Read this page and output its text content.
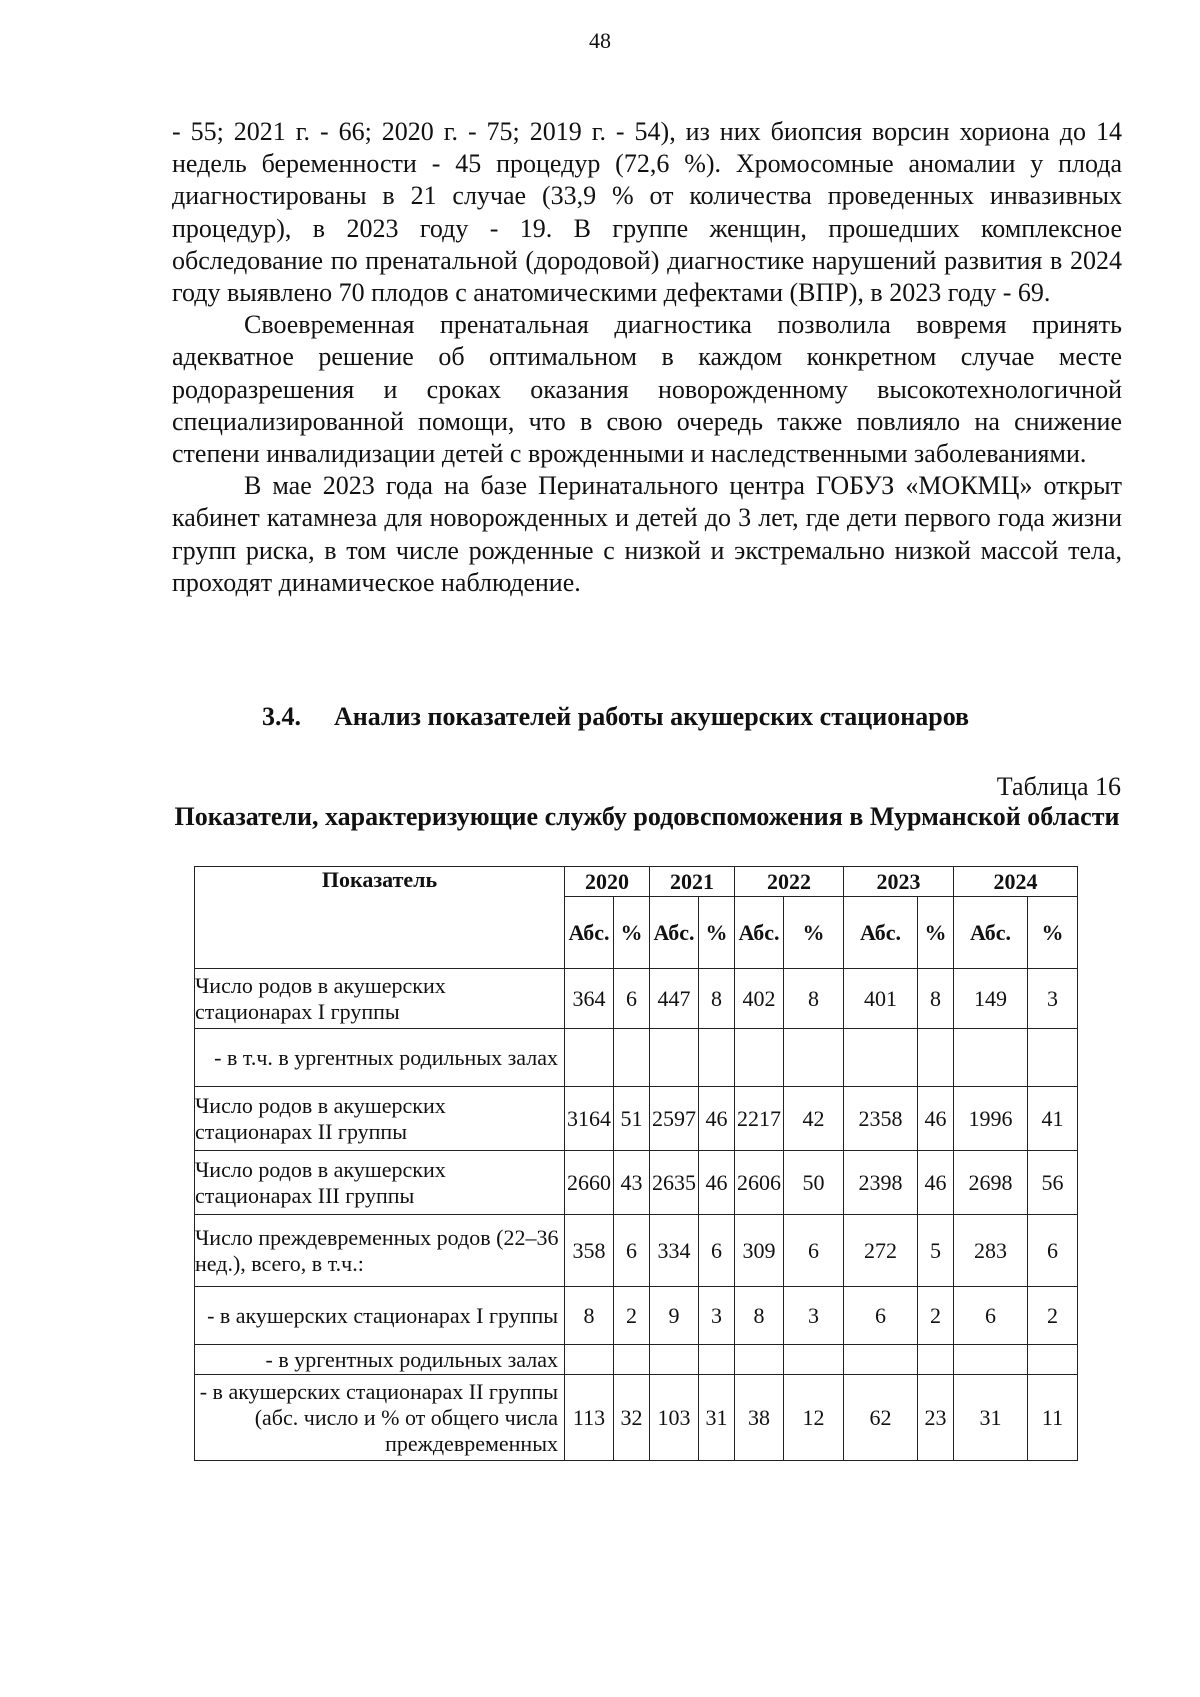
48

- 55; 2021 г. - 66; 2020 г. - 75; 2019 г. - 54), из них биопсия ворсин хориона до 14 недель беременности - 45 процедур (72,6 %). Хромосомные аномалии у плода диагностированы в 21 случае (33,9 % от количества проведенных инвазивных процедур), в 2023 году - 19. В группе женщин, прошедших комплексное обследование по пренатальной (дородовой) диагностике нарушений развития в 2024 году выявлено 70 плодов с анатомическими дефектами (ВПР), в 2023 году - 69.

Своевременная пренатальная диагностика позволила вовремя принять адекватное решение об оптимальном в каждом конкретном случае месте родоразрешения и сроках оказания новорожденному высокотехнологичной специализированной помощи, что в свою очередь также повлияло на снижение степени инвалидизации детей с врожденными и наследственными заболеваниями.

В мае 2023 года на базе Перинатального центра ГОБУЗ «МОКМЦ» открыт кабинет катамнеза для новорожденных и детей до 3 лет, где дети первого года жизни групп риска, в том числе рожденные с низкой и экстремально низкой массой тела, проходят динамическое наблюдение.

3.4. Анализ показателей работы акушерских стационаров
Таблица 16
Показатели, характеризующие службу родовспоможения в Мурманской области
Показатель	2020		2021		2022		2023		2024	
	Абс.	%	Абс.	%	Абс.	%	Абс.	%	Абс.	%
Число родов в акушерских стационарах I группы	364	6	447	8	402	8	401	8	149	3
- в т.ч. в ургентных родильных залах										
Число родов в акушерских стационарах II группы	3164	51	2597	46	2217	42	2358	46	1996	41
Число родов в акушерских стационарах III группы	2660	43	2635	46	2606	50	2398	46	2698	56
Число преждевременных родов (22–36 нед.), всего, в т.ч.:	358	6	334	6	309	6	272	5	283	6
- в акушерских стационарах I группы	8	2	9	3	8	3	6	2	6	2
- в ургентных родильных залах										
- в акушерских стационарах II группы (абс. число и % от общего числа преждевременных	113	32	103	31	38	12	62	23	31	11
